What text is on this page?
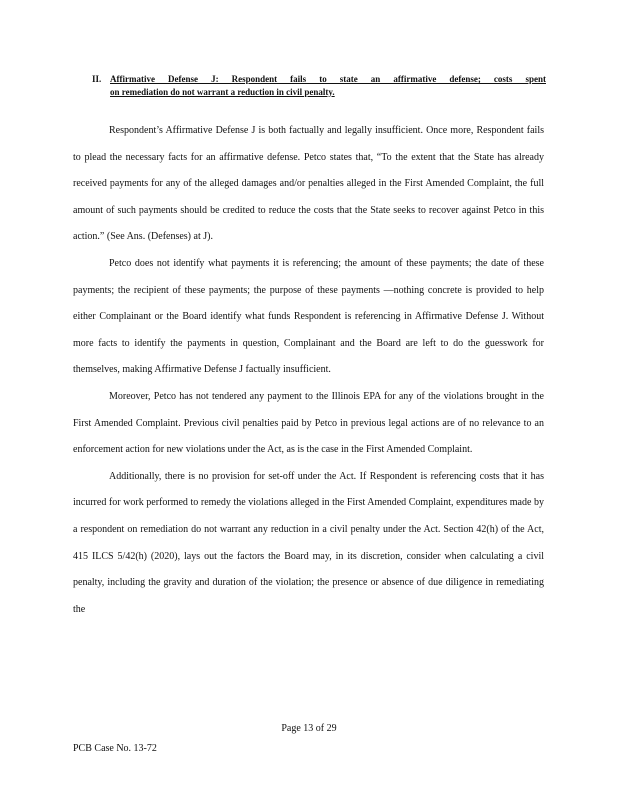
II. Affirmative Defense J: Respondent fails to state an affirmative defense; costs spent
on remediation do not warrant a reduction in civil penalty.

Respondent’s Affirmative Defense J is both factually and legally insufficient. Once more, Respondent fails to plead the necessary facts for an affirmative defense. Petco states that, “To the extent that the State has already received payments for any of the alleged damages and/or penalties alleged in the First Amended Complaint, the full amount of such payments should be credited to reduce the costs that the State seeks to recover against Petco in this action.” (See Ans. (Defenses) at J).

Petco does not identify what payments it is referencing; the amount of these payments; the date of these payments; the recipient of these payments; the purpose of these payments —nothing concrete is provided to help either Complainant or the Board identify what funds Respondent is referencing in Affirmative Defense J. Without more facts to identify the payments in question, Complainant and the Board are left to do the guesswork for themselves, making Affirmative Defense J factually insufficient.

Moreover, Petco has not tendered any payment to the Illinois EPA for any of the violations brought in the First Amended Complaint. Previous civil penalties paid by Petco in previous legal actions are of no relevance to an enforcement action for new violations under the Act, as is the case in the First Amended Complaint.

Additionally, there is no provision for set-off under the Act. If Respondent is referencing costs that it has incurred for work performed to remedy the violations alleged in the First Amended Complaint, expenditures made by a respondent on remediation do not warrant any reduction in a civil penalty under the Act. Section 42(h) of the Act, 415 ILCS 5/42(h) (2020), lays out the factors the Board may, in its discretion, consider when calculating a civil penalty, including the gravity and duration of the violation; the presence or absence of due diligence in remediating the

Page 13 of 29
PCB Case No. 13-72
